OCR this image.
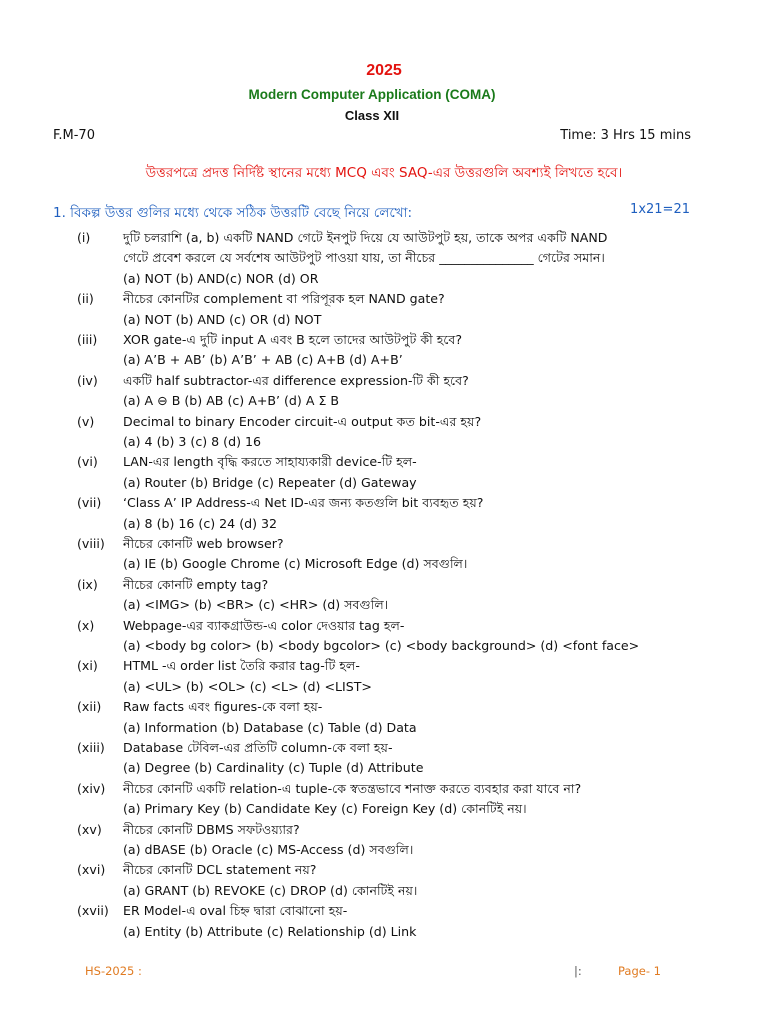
2025
Modern Computer Application (COMA)
Class XII
F.M-70	Time: 3 Hrs 15 mins
উত্তরপত্রে প্রদত্ত নির্দিষ্ট স্থানের মধ্যে MCQ এবং SAQ-এর উত্তরগুলি অবশ্যই লিখতে হবে।
1. বিকল্প উত্তর গুলির মধ্যে থেকে সঠিক উত্তরটি বেছে নিয়ে লেখো:	1x21=21
(i)	দুটি চলরাশি (a, b) একটি NAND গেটে ইনপুট দিয়ে যে আউটপুট হয়, তাকে অপর একটি NAND
গেটে প্রবেশ করলে যে সর্বশেষ আউটপুট পাওয়া যায়, তা নীচের _______________ গেটের সমান।
(a) NOT (b) AND(c) NOR (d) OR
(ii) নীচের কোনটির complement বা পরিপূরক হল NAND gate?
(a) NOT (b) AND (c) OR (d) NOT
(iii) XOR gate-এ দুটি input A এবং B হলে তাদের আউটপুট কী হবে?
(a) A’B + AB’ (b) A’B’ + AB (c) A+B (d) A+B’
(iv) একটি half subtractor-এর difference expression-টি কী হবে?
(a) A ⊖ B (b) AB (c) A+B’ (d) A Σ B
(v) Decimal to binary Encoder circuit-এ output কত bit-এর হয়?
(a) 4 (b) 3 (c) 8 (d) 16
(vi) LAN-এর length বৃদ্ধি করতে সাহায্যকারী device-টি হল-
(a) Router (b) Bridge (c) Repeater (d) Gateway
(vii) ‘Class A’ IP Address-এ Net ID-এর জন্য কতগুলি bit ব্যবহৃত হয়?
(a) 8 (b) 16 (c) 24 (d) 32
(viii) নীচের কোনটি web browser?
(a) IE (b) Google Chrome (c) Microsoft Edge (d) সবগুলি।
(ix) নীচের কোনটি empty tag?
(a) <IMG> (b) <BR> (c) <HR> (d) সবগুলি।
(x) Webpage-এর ব্যাকগ্রাউন্ড-এ color দেওয়ার tag হল-
(a) <body bg color> (b) <body bgcolor> (c) <body background> (d) <font face>
(xi) HTML -এ order list তৈরি করার tag-টি হল-
(a) <UL> (b) <OL> (c) <L> (d) <LIST>
(xii) Raw facts এবং figures-কে বলা হয়-
(a) Information (b) Database (c) Table (d) Data
(xiii) Database টেবিল-এর প্রতিটি column-কে বলা হয়-
(a) Degree (b) Cardinality (c) Tuple (d) Attribute
(xiv) নীচের কোনটি একটি relation-এ tuple-কে স্বতন্ত্রভাবে শনাক্ত করতে ব্যবহার করা যাবে না?
(a) Primary Key (b) Candidate Key (c) Foreign Key (d) কোনটিই নয়।
(xv) নীচের কোনটি DBMS সফটওয়্যার?
(a) dBASE (b) Oracle (c) MS-Access (d) সবগুলি।
(xvi) নীচের কোনটি DCL statement নয়?
(a) GRANT (b) REVOKE (c) DROP (d) কোনটিই নয়।
(xvii) ER Model-এ oval চিহ্ন দ্বারা বোঝানো হয়-
(a) Entity (b) Attribute (c) Relationship (d) Link
HS-2025 :	|:	Page- 1
